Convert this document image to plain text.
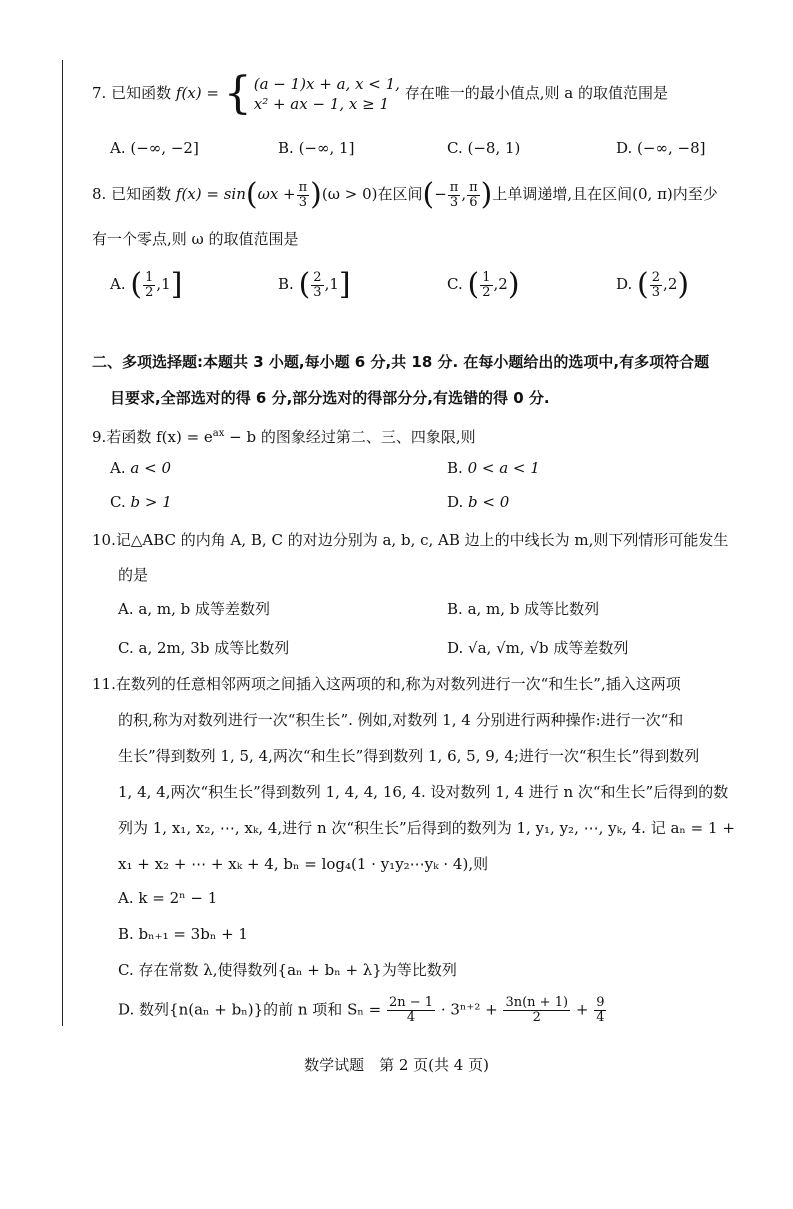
7. 已知函数 f(x) = { (a − 1)x + a, x < 1,
x² + ax − 1, x ≥ 1
存在唯一的最小值点,则 a 的取值范围是
A. (−∞, −2]	B. (−∞, 1]	C. (−8, 1)	D. (−∞, −8]
8. 已知函数 $f(x) = \sin(\omega x + \frac{\pi}{3} )(\omega > 0)$在区间(− $\frac{\pi}{3}$ , $\frac{\pi}{6}$ )上单调递增,且在区间(0, π)内至少
有一个零点,则 ω 的取值范围是
A. ( $\frac{1}{2} ,1$]	B. ( $\frac{2}{3} ,1$]	C. ( $\frac{1}{2} ,2$)	D. ( $\frac{2}{3} ,2$)
二、多项选择题:本题共 3 小题,每小题 6 分,共 18 分. 在每小题给出的选项中,有多项符合题
目要求,全部选对的得 6 分,部分选对的得部分分,有选错的得 0 分.
9.若函数 $f(x) = e^{ax} - b$ 的图象经过第二、三、四象限,则
A. a < 0	B. 0 < a < 1
C. b > 1	D. b < 0
10.记△ABC 的内角 A, B, C 的对边分别为 a, b, c, AB 边上的中线长为 m,则下列情形可能发生
的是
A. a, m, b 成等差数列	B. a, m, b 成等比数列
C. a, 2m, 3b 成等比数列	D. √a, √m, √b 成等差数列
11.在数列的任意相邻两项之间插入这两项的和,称为对数列进行一次“和生长”,插入这两项
的积,称为对数列进行一次“积生长”. 例如,对数列 1, 4 分别进行两种操作:进行一次“和
生长”得到数列 1, 5, 4,两次“和生长”得到数列 1, 6, 5, 9, 4;进行一次“积生长”得到数列
1, 4, 4,两次“积生长”得到数列 1, 4, 4, 16, 4. 设对数列 1, 4 进行 n 次“和生长”后得到的数
列为 1, x₁, x₂, ⋯, xₖ, 4,进行 n 次“积生长”后得到的数列为 1, y₁, y₂, ⋯, yₖ, 4. 记 aₙ = 1 +
x₁ + x₂ + ⋯ + xₖ + 4, bₙ = log₄(1 · y₁y₂⋯yₖ · 4),则
A. k = 2ⁿ − 1
B. bₙ₊₁ = 3bₙ + 1
C. 存在常数 λ,使得数列{aₙ + bₙ + λ}为等比数列
D. 数列{n(aₙ + bₙ)}的前 n 项和 $S_n = \frac{2n - 1}{4} \cdot 3^{n+2} + \frac{3n(n + 1)}{2} + \frac{9}{4}$
数学试题　第 2 页(共 4 页)
